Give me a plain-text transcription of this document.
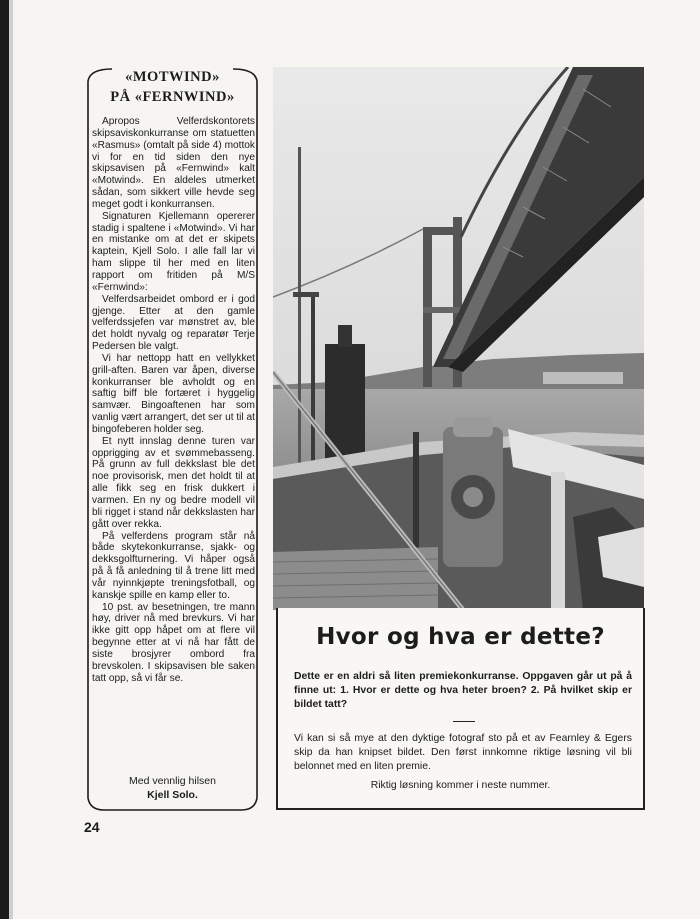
«MOTWIND»
PÅ «FERNWIND»

Apropos Velferdskontorets skipsaviskonkurranse om statuetten «Rasmus» (omtalt på side 4) mottok vi for en tid siden den nye skipsavisen på «Fernwind» kalt «Motwind». En aldeles utmerket sådan, som sikkert ville hevde seg meget godt i konkurransen.

Signaturen Kjellemann opererer stadig i spaltene i «Motwind». Vi har en mistanke om at det er skipets kaptein, Kjell Solo. I alle fall lar vi ham slippe til her med en liten rapport om fritiden på M/S «Fernwind»:

Velferdsarbeidet ombord er i god gjenge. Etter at den gamle velferdssjefen var mønstret av, ble det holdt nyvalg og reparatør Terje Pedersen ble valgt.

Vi har nettopp hatt en vellykket grill-aften. Baren var åpen, diverse konkurranser ble avholdt og en saftig biff ble fortæret i hyggelig samvær. Bingoaftenen har som vanlig vært arrangert, det ser ut til at bingofeberen holder seg.

Et nytt innslag denne turen var opprigging av et svømmebasseng. På grunn av full dekkslast ble det noe provisorisk, men det holdt til at alle fikk seg en frisk dukkert i varmen. En ny og bedre modell vil bli rigget i stand når dekkslasten har gått over rekka.

På velferdens program står nå både skytekonkurranse, sjakk- og dekksgolfturnering. Vi håper også på å få anledning til å trene litt med vår nyinnkjøpte treningsfotball, og kanskje spille en kamp eller to.

10 pst. av besetningen, tre mann høy, driver nå med brevkurs. Vi har ikke gitt opp håpet om at flere vil begynne etter at vi nå har fått de siste brosjyrer ombord fra brevskolen. I skipsavisen ble saken tatt opp, så vi får se.

Med vennlig hilsen
Kjell Solo.
24
Hvor og hva er dette?
Dette er en aldri så liten premiekonkurranse. Oppgaven går ut på å finne ut: 1. Hvor er dette og hva heter broen? 2. På hvilket skip er bildet tatt?
Vi kan si så mye at den dyktige fotograf sto på et av Fearnley & Egers skip da han knipset bildet. Den først innkomne riktige løsning vil bli belonnet med en liten premie.
Riktig løsning kommer i neste nummer.
